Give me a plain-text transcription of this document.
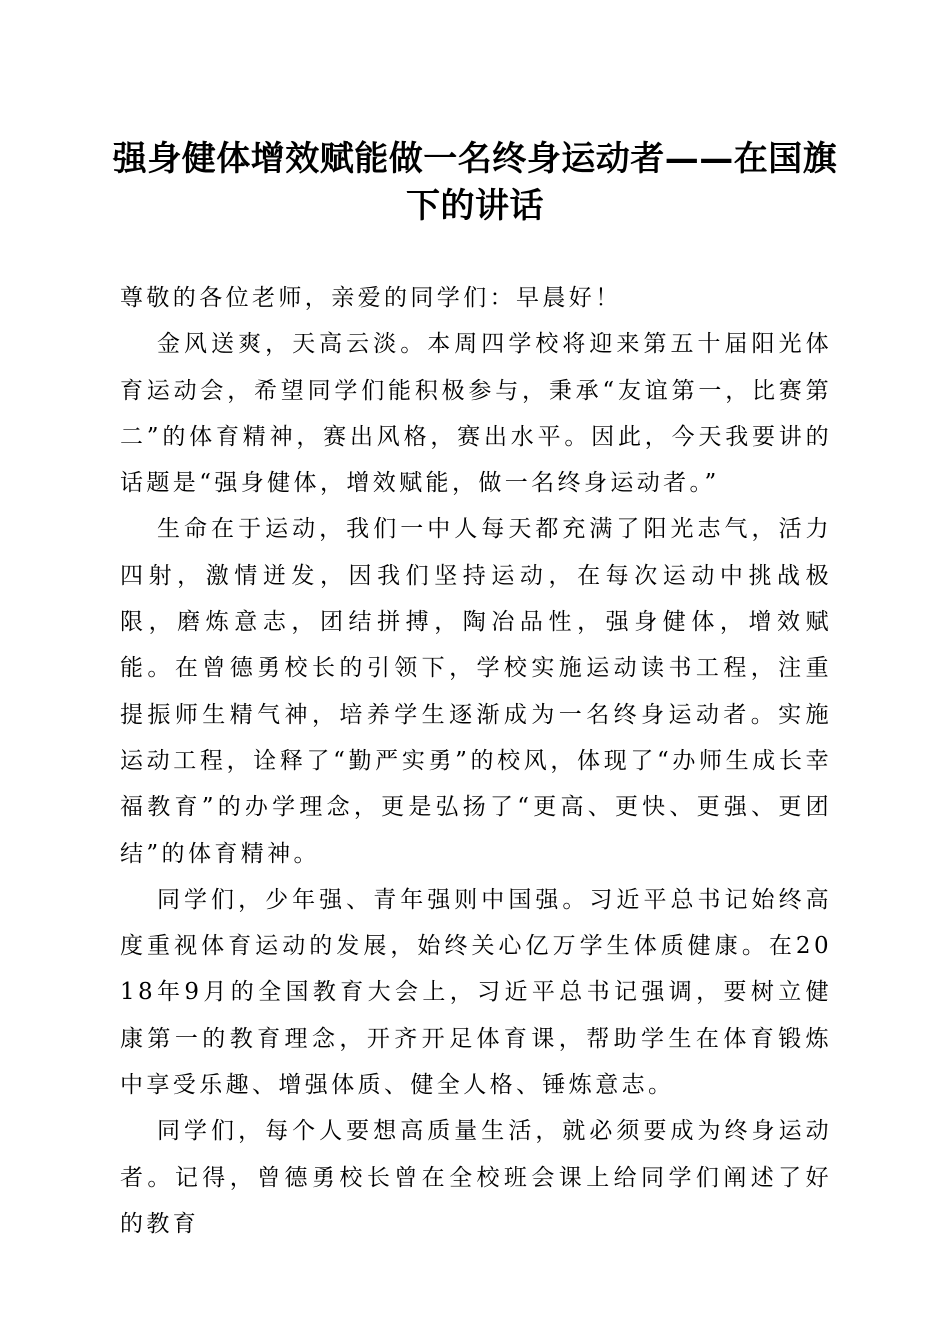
强身健体增效赋能做一名终身运动者——在国旗下的讲话

尊敬的各位老师，亲爱的同学们：早晨好！

金风送爽，天高云淡。本周四学校将迎来第五十届阳光体育运动会，希望同学们能积极参与，秉承“友谊第一，比赛第二”的体育精神，赛出风格，赛出水平。因此，今天我要讲的话题是“强身健体，增效赋能，做一名终身运动者。”

生命在于运动，我们一中人每天都充满了阳光志气，活力四射，激情迸发，因我们坚持运动，在每次运动中挑战极限，磨炼意志，团结拼搏，陶冶品性，强身健体，增效赋能。在曾德勇校长的引领下，学校实施运动读书工程，注重提振师生精气神，培养学生逐渐成为一名终身运动者。实施运动工程，诠释了“勤严实勇”的校风，体现了“办师生成长幸福教育”的办学理念，更是弘扬了“更高、更快、更强、更团结”的体育精神。

同学们，少年强、青年强则中国强。习近平总书记始终高度重视体育运动的发展，始终关心亿万学生体质健康。在2018年9月的全国教育大会上，习近平总书记强调，要树立健康第一的教育理念，开齐开足体育课，帮助学生在体育锻炼中享受乐趣、增强体质、健全人格、锤炼意志。

同学们，每个人要想高质量生活，就必须要成为终身运动者。记得，曾德勇校长曾在全校班会课上给同学们阐述了好的教育
